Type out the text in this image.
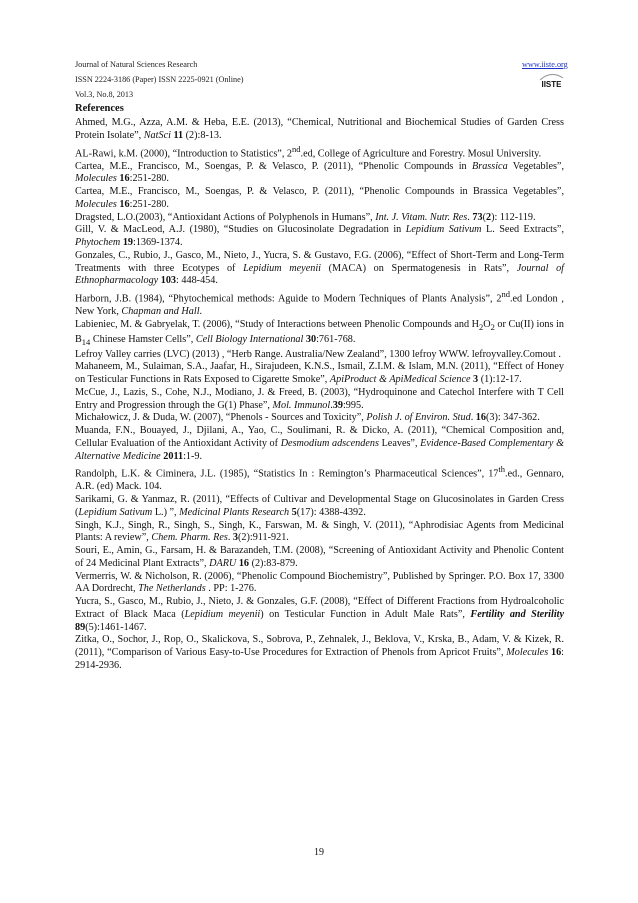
Journal of Natural Sciences Research
ISSN 2224-3186 (Paper) ISSN 2225-0921 (Online)
Vol.3, No.8, 2013
www.iiste.org
IISTE
References
Ahmed, M.G., Azza, A.M. & Heba, E.E. (2013), “Chemical, Nutritional and Biochemical Studies of Garden Cress Protein Isolate”, NatSci 11 (2):8-13.
AL-Rawi, k.M. (2000), “Introduction to Statistics”, 2nd.ed, College of Agriculture and Forestry. Mosul University.
Cartea, M.E., Francisco, M., Soengas, P. & Velasco, P. (2011), “Phenolic Compounds in Brassica Vegetables”, Molecules 16:251-280.
Cartea, M.E., Francisco, M., Soengas, P. & Velasco, P. (2011), “Phenolic Compounds in Brassica Vegetables”, Molecules 16:251-280.
Dragsted, L.O.(2003), “Antioxidant Actions of Polyphenols in Humans”, Int. J. Vitam. Nutr. Res. 73(2): 112-119.
Gill, V. & MacLeod, A.J. (1980), “Studies on Glucosinolate Degradation in Lepidium Sativum L. Seed Extracts”, Phytochem 19:1369-1374.
Gonzales, C., Rubio, J., Gasco, M., Nieto, J., Yucra, S. & Gustavo, F.G. (2006), “Effect of Short-Term and Long-Term Treatments with three Ecotypes of Lepidium meyenii (MACA) on Spermatogenesis in Rats”, Journal of Ethnopharmacology 103: 448-454.
Harborn, J.B. (1984), “Phytochemical methods: Aguide to Modern Techniques of Plants Analysis”, 2nd.ed London , New York, Chapman and Hall.
Labieniec, M. & Gabryelak, T. (2006), “Study of Interactions between Phenolic Compounds and $H_2O_2$ or Cu(II) ions in $B_{14}$ Chinese Hamster Cells”, Cell Biology International 30:761-768.
Lefroy Valley carries (LVC) (2013) , “Herb Range. Australia/New Zealand”, 1300 lefroy WWW. lefroyvalley.Comout .
Mahaneem, M., Sulaiman, S.A., Jaafar, H., Sirajudeen, K.N.S., Ismail, Z.I.M. & Islam, M.N. (2011), “Effect of Honey on Testicular Functions in Rats Exposed to Cigarette Smoke”, ApiProduct & ApiMedical Science 3 (1):12-17.
McCue, J., Lazis, S., Cohe, N.J., Modiano, J. & Freed, B. (2003), “Hydroquinone and Catechol Interfere with T Cell Entry and Progression through the G(1) Phase”, Mol. Immunol.39:995.
Michałowicz, J. & Duda, W. (2007), “Phenols - Sources and Toxicity”, Polish J. of Environ. Stud. 16(3): 347-362.
Muanda, F.N., Bouayed, J., Djilani, A., Yao, C., Soulimani, R. & Dicko, A. (2011), “Chemical Composition and, Cellular Evaluation of the Antioxidant Activity of Desmodium adscendens Leaves”, Evidence-Based Complementary & Alternative Medicine 2011:1-9.
Randolph, L.K. & Ciminera, J.L. (1985), “Statistics In : Remington’s Pharmaceutical Sciences”, 17th.ed., Gennaro, A.R. (ed) Mack. 104.
Sarikami, G. & Yanmaz, R. (2011), “Effects of Cultivar and Developmental Stage on Glucosinolates in Garden Cress (Lepidium Sativum L.) ”, Medicinal Plants Research 5(17): 4388-4392.
Singh, K.J., Singh, R., Singh, S., Singh, K., Farswan, M. & Singh, V. (2011), “Aphrodisiac Agents from Medicinal Plants: A review”, Chem. Pharm. Res. 3(2):911-921.
Souri, E., Amin, G., Farsam, H. & Barazandeh, T.M. (2008), “Screening of Antioxidant Activity and Phenolic Content of 24 Medicinal Plant Extracts”, DARU 16 (2):83-879.
Vermerris, W. & Nicholson, R. (2006), “Phenolic Compound Biochemistry”, Published by Springer. P.O. Box 17, 3300 AA Dordrecht, The Netherlands . PP: 1-276.
Yucra, S., Gasco, M., Rubio, J., Nieto, J. & Gonzales, G.F. (2008), “Effect of Different Fractions from Hydroalcoholic Extract of Black Maca (Lepidium meyenii) on Testicular Function in Adult Male Rats”, Fertility and Sterility 89(5):1461-1467.
Zitka, O., Sochor, J., Rop, O., Skalickova, S., Sobrova, P., Zehnalek, J., Beklova, V., Krska, B., Adam, V. & Kizek, R. (2011), “Comparison of Various Easy-to-Use Procedures for Extraction of Phenols from Apricot Fruits”, Molecules 16: 2914-2936.
19
